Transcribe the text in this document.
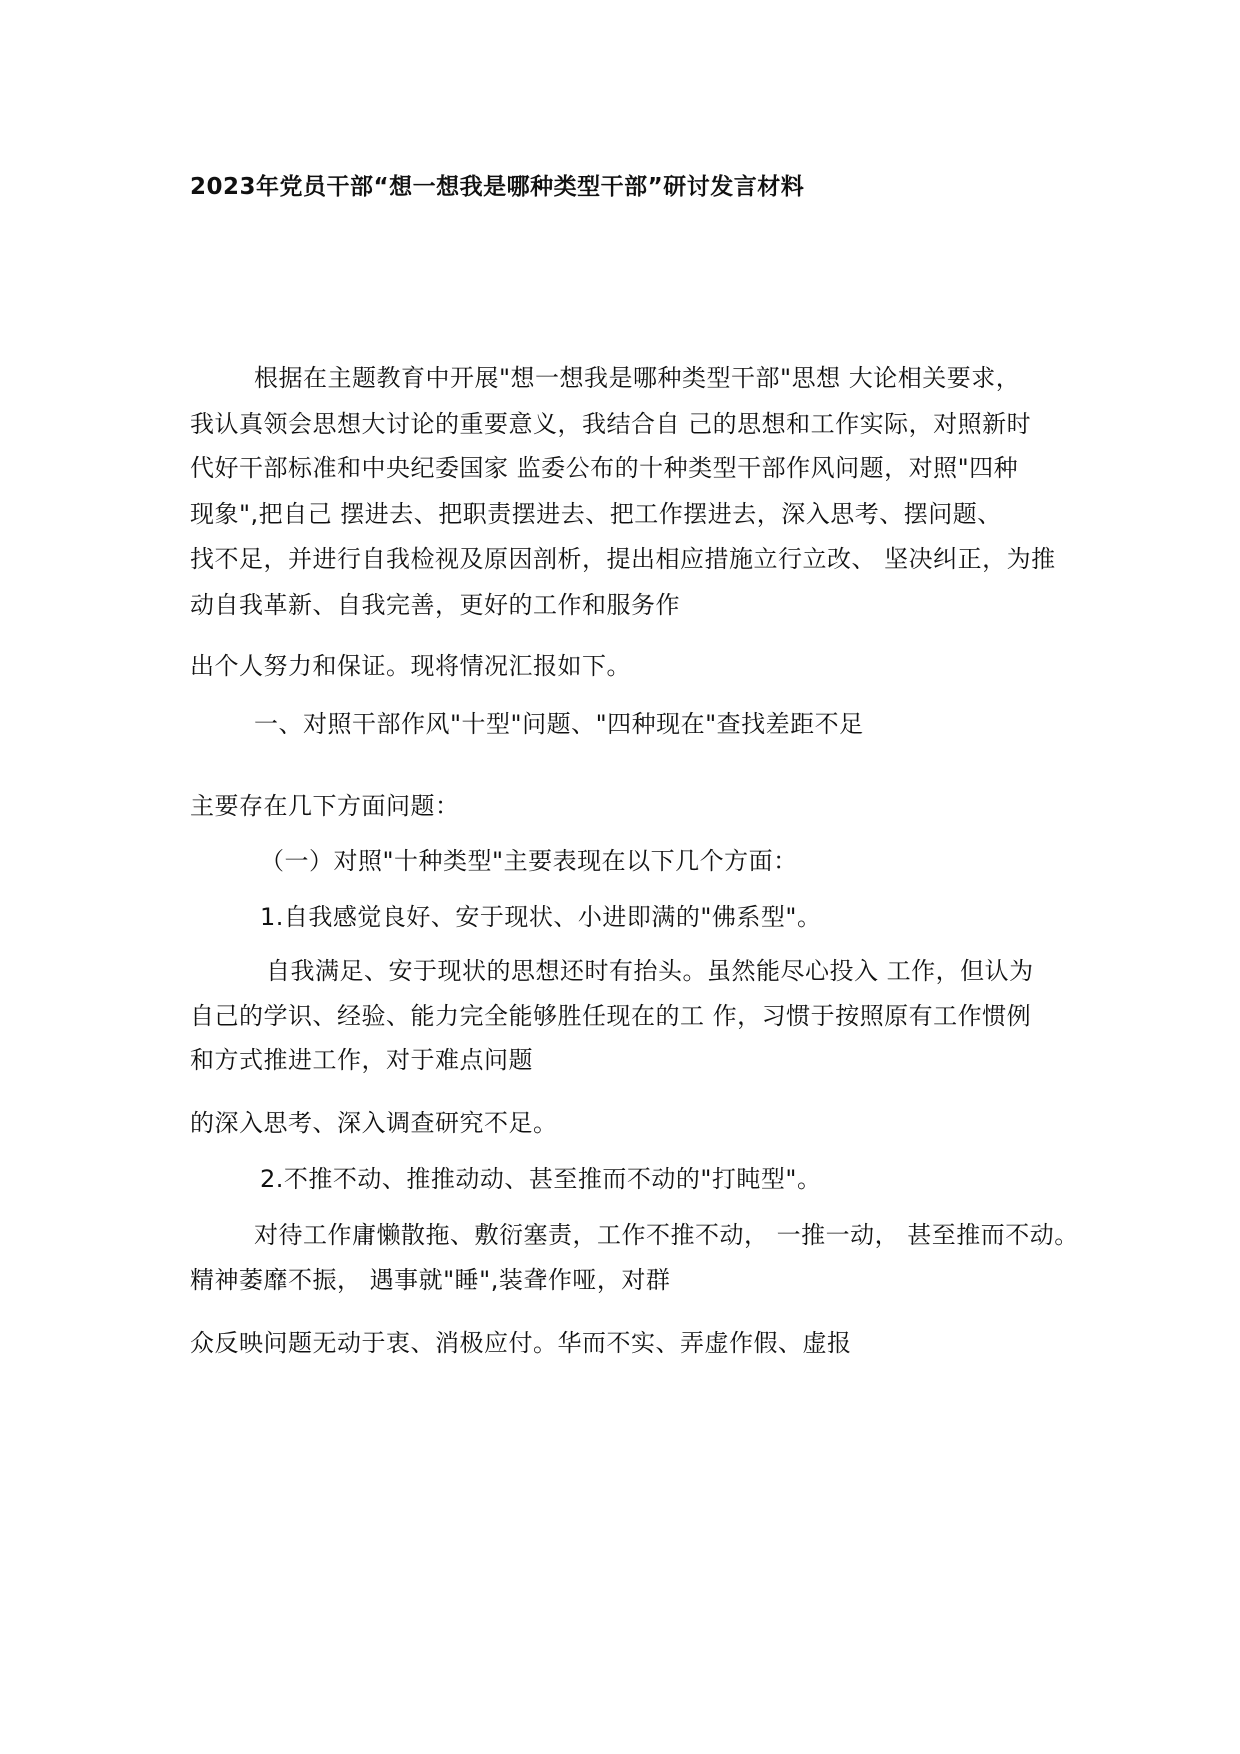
2023年党员干部“想一想我是哪种类型干部”研讨发言材料
根据在主题教育中开展"想一想我是哪种类型干部"思想 大论相关要求，
我认真领会思想大讨论的重要意义，我结合自 己的思想和工作实际，对照新时
代好干部标准和中央纪委国家 监委公布的十种类型干部作风问题，对照"四种
现象",把自己 摆进去、把职责摆进去、把工作摆进去，深入思考、摆问题、
找不足，并进行自我检视及原因剖析，提出相应措施立行立改、 坚决纠正，为推
动自我革新、自我完善，更好的工作和服务作
出个人努力和保证。现将情况汇报如下。
一、对照干部作风"十型"问题、"四种现在"查找差距不足
主要存在几下方面问题：
（一）对照"十种类型"主要表现在以下几个方面：
1.自我感觉良好、安于现状、小进即满的"佛系型"。
自我满足、安于现状的思想还时有抬头。虽然能尽心投入 工作，但认为
自己的学识、经验、能力完全能够胜任现在的工 作，习惯于按照原有工作惯例
和方式推进工作，对于难点问题
的深入思考、深入调查研究不足。
2.不推不动、推推动动、甚至推而不动的"打盹型"。
对待工作庸懒散拖、敷衍塞责，工作不推不动， 一推一动， 甚至推而不动。
精神萎靡不振， 遇事就"睡",装聋作哑，对群
众反映问题无动于衷、消极应付。华而不实、弄虚作假、虚报
